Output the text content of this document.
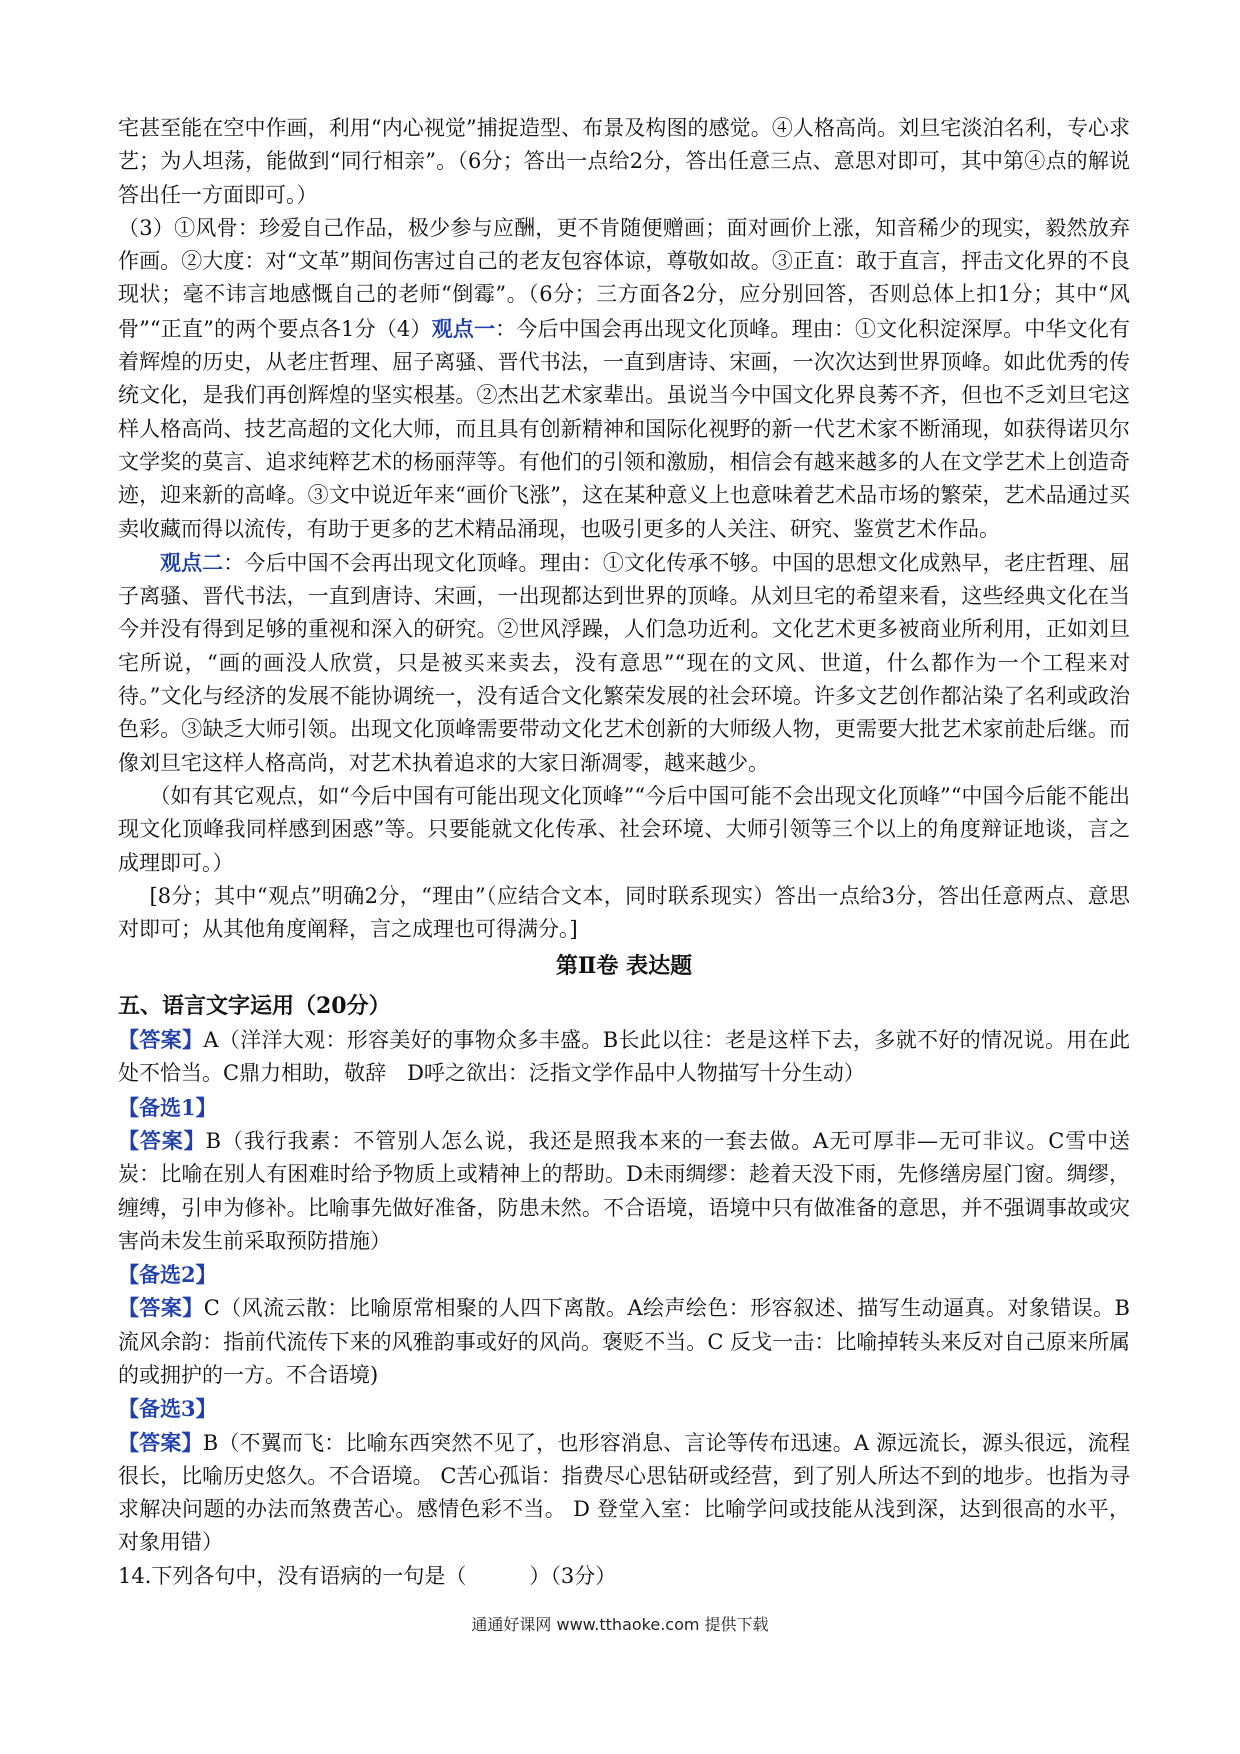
宅甚至能在空中作画，利用“内心视觉”捕捉造型、布景及构图的感觉。④人格高尚。刘旦宅淡泊名利，专心求艺；为人坦荡，能做到“同行相亲”。（6分；答出一点给2分，答出任意三点、意思对即可，其中第④点的解说答出任一方面即可。）

（3）①风骨：珍爱自己作品，极少参与应酬，更不肯随便赠画；面对画价上涨，知音稀少的现实，毅然放弃作画。②大度：对“文革”期间伤害过自己的老友包容体谅，尊敬如故。③正直：敢于直言，抨击文化界的不良现状；毫不讳言地感慨自己的老师“倒霉”。（6分；三方面各2分，应分别回答，否则总体上扣1分；其中“风骨”“正直”的两个要点各1分（4）观点一：今后中国会再出现文化顶峰。理由：①文化积淀深厚。中华文化有着辉煌的历史，从老庄哲理、屈子离骚、晋代书法，一直到唐诗、宋画，一次次达到世界顶峰。如此优秀的传统文化，是我们再创辉煌的坚实根基。②杰出艺术家辈出。虽说当今中国文化界良莠不齐，但也不乏刘旦宅这样人格高尚、技艺高超的文化大师，而且具有创新精神和国际化视野的新一代艺术家不断涌现，如获得诺贝尔文学奖的莫言、追求纯粹艺术的杨丽萍等。有他们的引领和激励，相信会有越来越多的人在文学艺术上创造奇迹，迎来新的高峰。③文中说近年来“画价飞涨”，这在某种意义上也意味着艺术品市场的繁荣，艺术品通过买卖收藏而得以流传，有助于更多的艺术精品涌现，也吸引更多的人关注、研究、鉴赏艺术作品。

观点二：今后中国不会再出现文化顶峰。理由：①文化传承不够。中国的思想文化成熟早，老庄哲理、屈子离骚、晋代书法，一直到唐诗、宋画，一出现都达到世界的顶峰。从刘旦宅的希望来看，这些经典文化在当今并没有得到足够的重视和深入的研究。②世风浮躁，人们急功近利。文化艺术更多被商业所利用，正如刘旦宅所说，“画的画没人欣赏，只是被买来卖去，没有意思”“现在的文风、世道，什么都作为一个工程来对待。”文化与经济的发展不能协调统一，没有适合文化繁荣发展的社会环境。许多文艺创作都沾染了名利或政治色彩。③缺乏大师引领。出现文化顶峰需要带动文化艺术创新的大师级人物，更需要大批艺术家前赴后继。而像刘旦宅这样人格高尚，对艺术执着追求的大家日渐凋零，越来越少。

（如有其它观点，如“今后中国有可能出现文化顶峰”“今后中国可能不会出现文化顶峰”“中国今后能不能出现文化顶峰我同样感到困惑”等。只要能就文化传承、社会环境、大师引领等三个以上的角度辩证地谈，言之成理即可。）

[8分；其中“观点”明确2分，“理由”（应结合文本，同时联系现实）答出一点给3分，答出任意两点、意思对即可；从其他角度阐释，言之成理也可得满分。]

第Ⅱ卷 表达题

五、语言文字运用（20分）

【答案】A（洋洋大观：形容美好的事物众多丰盛。B长此以往：老是这样下去，多就不好的情况说。用在此处不恰当。C鼎力相助，敬辞　D呼之欲出：泛指文学作品中人物描写十分生动）

【备选1】

【答案】B（我行我素：不管别人怎么说，我还是照我本来的一套去做。A无可厚非—无可非议。C雪中送炭：比喻在别人有困难时给予物质上或精神上的帮助。D未雨绸缪：趁着天没下雨，先修缮房屋门窗。绸缪，缠缚，引申为修补。比喻事先做好准备，防患未然。不合语境，语境中只有做准备的意思，并不强调事故或灾害尚未发生前采取预防措施）

【备选2】

【答案】C（风流云散：比喻原常相聚的人四下离散。A绘声绘色：形容叙述、描写生动逼真。对象错误。B流风余韵：指前代流传下来的风雅韵事或好的风尚。褒贬不当。C 反戈一击：比喻掉转头来反对自己原来所属的或拥护的一方。不合语境)

【备选3】

【答案】B（不翼而飞：比喻东西突然不见了，也形容消息、言论等传布迅速。A 源远流长，源头很远，流程很长，比喻历史悠久。不合语境。 C苦心孤诣：指费尽心思钻研或经营，到了别人所达不到的地步。也指为寻求解决问题的办法而煞费苦心。感情色彩不当。 D 登堂入室：比喻学问或技能从浅到深，达到很高的水平，对象用错）

14.下列各句中，没有语病的一句是（　　　）（3分）

通通好课网 www.tthaoke.com 提供下载
